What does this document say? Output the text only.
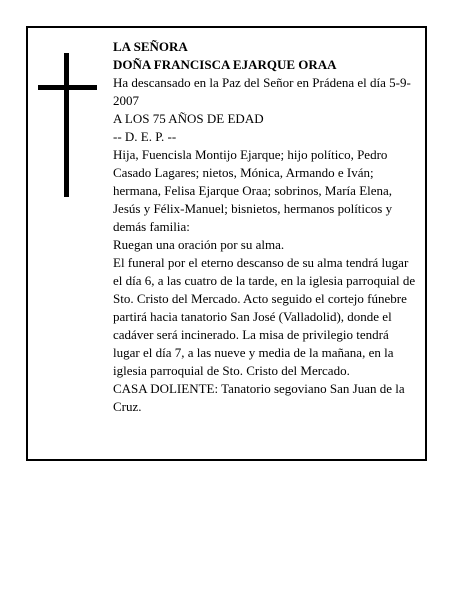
LA SEÑORA

DOÑA FRANCISCA EJARQUE ORAA

Ha descansado en la Paz del Señor en Prádena el día 5-9-2007

A LOS 75 AÑOS DE EDAD

-- D. E. P. --

Hija, Fuencisla Montijo Ejarque; hijo político, Pedro Casado Lagares; nietos, Mónica, Armando e Iván; hermana, Felisa Ejarque Oraa; sobrinos, María Elena, Jesús y Félix-Manuel; bisnietos, hermanos políticos y demás familia:

Ruegan una oración por su alma.

El funeral por el eterno descanso de su alma tendrá lugar el día 6, a las cuatro de la tarde, en la iglesia parroquial de Sto. Cristo del Mercado. Acto seguido el cortejo fúnebre partirá hacia tanatorio San José (Valladolid), donde el cadáver será incinerado. La misa de privilegio tendrá lugar el día 7, a las nueve y media de la mañana, en la iglesia parroquial de Sto. Cristo del Mercado.

CASA DOLIENTE: Tanatorio segoviano San Juan de la Cruz.
